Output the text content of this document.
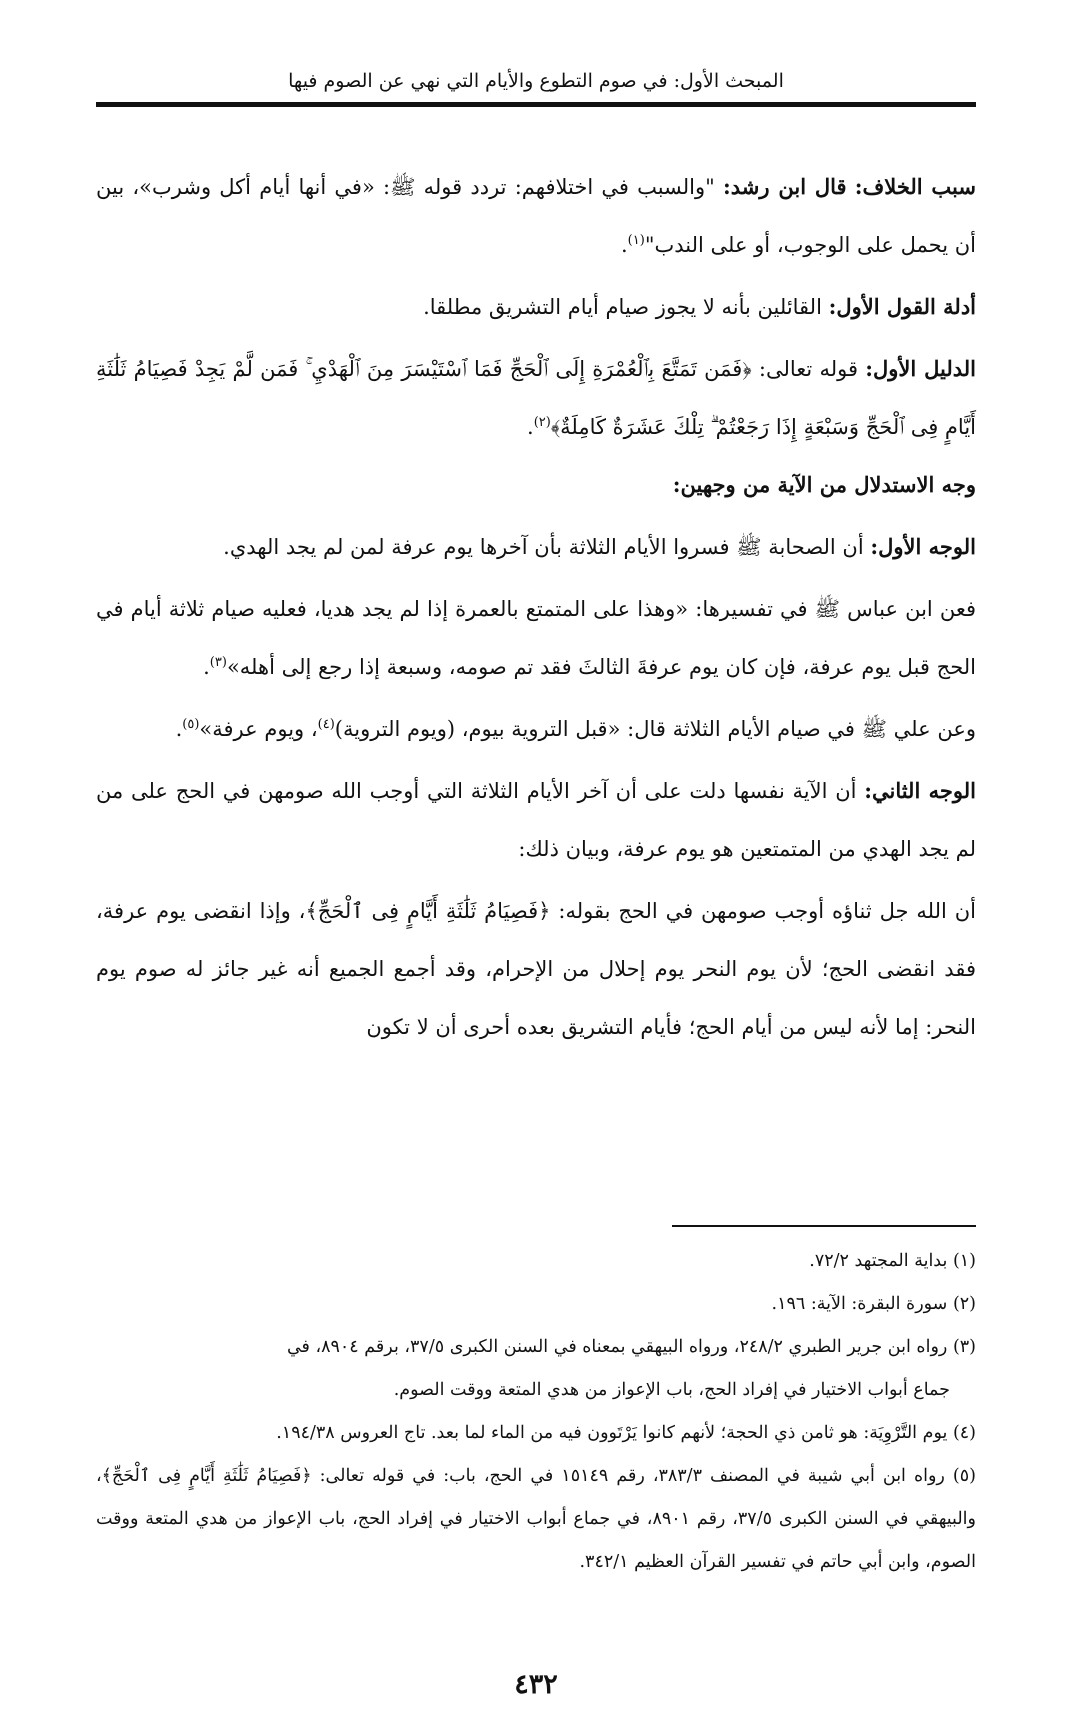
المبحث الأول: في صوم التطوع والأيام التي نهي عن الصوم فيها

سبب الخلاف: قال ابن رشد: "والسبب في اختلافهم: تردد قوله ﷺ: «في أنها أيام أكل وشرب»، بين أن يحمل على الوجوب، أو على الندب"$^{(١)}$.

أدلة القول الأول: القائلين بأنه لا يجوز صيام أيام التشريق مطلقا.

الدليل الأول: قوله تعالى: ﴿فَمَن تَمَتَّعَ بِٱلْعُمْرَةِ إِلَى ٱلْحَجِّ فَمَا ٱسْتَيْسَرَ مِنَ ٱلْهَدْيِ ۚ فَمَن لَّمْ يَجِدْ فَصِيَامُ ثَلَٰثَةِ أَيَّامٍ فِى ٱلْحَجِّ وَسَبْعَةٍ إِذَا رَجَعْتُمْ ۗ تِلْكَ عَشَرَةٌ كَامِلَةٌ﴾$^{(٢)}$.

وجه الاستدلال من الآية من وجهين:

الوجه الأول: أن الصحابة ﷺ فسروا الأيام الثلاثة بأن آخرها يوم عرفة لمن لم يجد الهدي.

فعن ابن عباس ﷺ في تفسيرها: «وهذا على المتمتع بالعمرة إذا لم يجد هديا، فعليه صيام ثلاثة أيام في الحج قبل يوم عرفة، فإن كان يوم عرفةَ الثالثَ فقد تم صومه، وسبعة إذا رجع إلى أهله»$^{(٣)}$.

وعن علي ﷺ في صيام الأيام الثلاثة قال: «قبل التروية بيوم، (ويوم التروية)$^{(٤)}$، ويوم عرفة»$^{(٥)}$.

الوجه الثاني: أن الآية نفسها دلت على أن آخر الأيام الثلاثة التي أوجب الله صومهن في الحج على من لم يجد الهدي من المتمتعين هو يوم عرفة، وبيان ذلك:

أن الله جل ثناؤه أوجب صومهن في الحج بقوله: ﴿فَصِيَامُ ثَلَٰثَةِ أَيَّامٍ فِى ٱلْحَجِّ﴾، وإذا انقضى يوم عرفة، فقد انقضى الحج؛ لأن يوم النحر يوم إحلال من الإحرام، وقد أجمع الجميع أنه غير جائز له صوم يوم النحر: إما لأنه ليس من أيام الحج؛ فأيام التشريق بعده أحرى أن لا تكون

(١) بداية المجتهد ٧٢/٢.

(٢) سورة البقرة: الآية: ١٩٦.

(٣) رواه ابن جرير الطبري ٢٤٨/٢، ورواه البيهقي بمعناه في السنن الكبرى ٣٧/٥، برقم ٨٩٠٤، في

جماع أبواب الاختيار في إفراد الحج، باب الإعواز من هدي المتعة ووقت الصوم.

(٤) يوم التَّرْوِيَة: هو ثامن ذي الحجة؛ لأنهم كانوا يَرْتَوون فيه من الماء لما بعد. تاج العروس ١٩٤/٣٨.

(٥) رواه ابن أبي شيبة في المصنف ٣٨٣/٣، رقم ١٥١٤٩ في الحج، باب: في قوله تعالى: ﴿فَصِيَامُ ثَلَٰثَةِ أَيَّامٍ فِى ٱلْحَجِّ﴾، والبيهقي في السنن الكبرى ٣٧/٥، رقم ٨٩٠١، في جماع أبواب الاختيار في إفراد الحج، باب الإعواز من هدي المتعة ووقت الصوم، وابن أبي حاتم في تفسير القرآن العظيم ٣٤٢/١.

٤٣٢
